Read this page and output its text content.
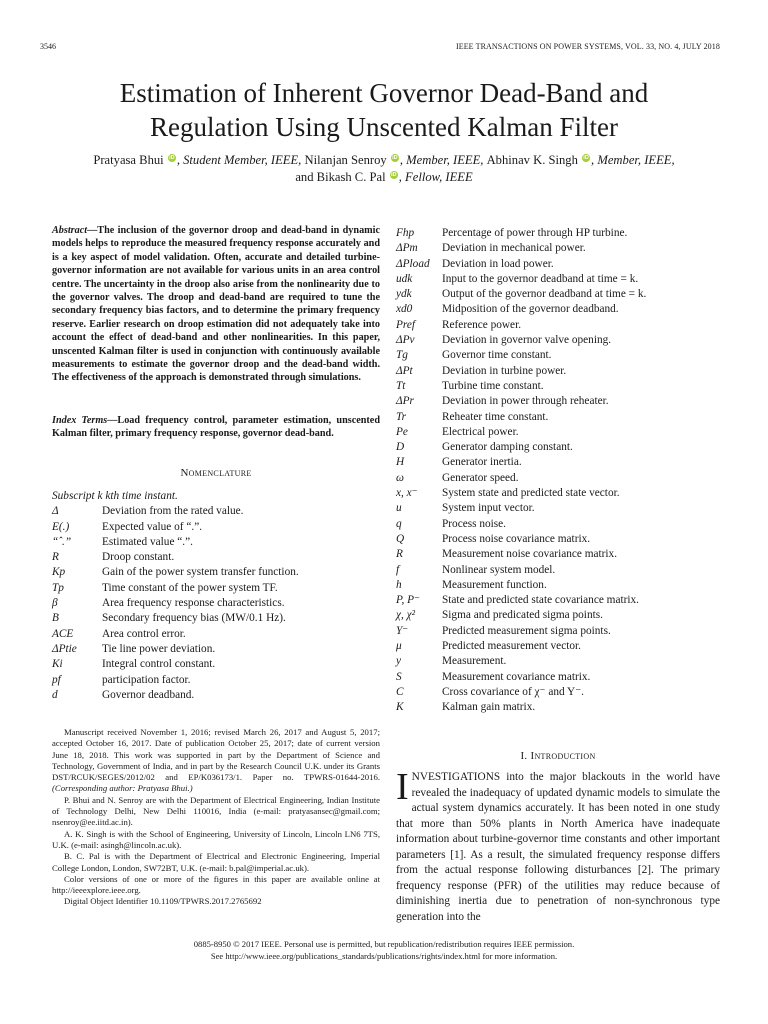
3546	IEEE TRANSACTIONS ON POWER SYSTEMS, VOL. 33, NO. 4, JULY 2018
Estimation of Inherent Governor Dead-Band and
Regulation Using Unscented Kalman Filter
Pratyasa Bhui iD , Student Member, IEEE, Nilanjan Senroy iD , Member, IEEE, Abhinav K. Singh iD , Member, IEEE,
and Bikash C. Pal iD , Fellow, IEEE
Abstract—The inclusion of the governor droop and dead-band in dynamic models helps to reproduce the measured frequency response accurately and is a key aspect of model validation. Often, accurate and detailed turbine-governor information are not available for various units in an area control centre. The uncertainty in the droop also arise from the nonlinearity due to the governor valves. The droop and dead-band are required to tune the secondary frequency bias factors, and to determine the primary frequency reserve. Earlier research on droop estimation did not adequately take into account the effect of dead-band and other nonlinearities. In this paper, unscented Kalman filter is used in conjunction with continuously available measurements to estimate the governor droop and the dead-band width. The effectiveness of the approach is demonstrated through simulations.
Index Terms—Load frequency control, parameter estimation, unscented Kalman filter, primary frequency response, governor dead-band.
Nomenclature
Subscript k kth time instant.
Δ	Deviation from the rated value.
E(.)	Expected value of “.”.
“ˆ.”	Estimated value “.”.
R	Droop constant.
Kp	Gain of the power system transfer function.
Tp	Time constant of the power system TF.
β	Area frequency response characteristics.
B	Secondary frequency bias (MW/0.1 Hz).
ACE	Area control error.
ΔPtie	Tie line power deviation.
Ki	Integral control constant.
pf	participation factor.
d	Governor deadband.
Fhp	Percentage of power through HP turbine.
ΔPm	Deviation in mechanical power.
ΔPload	Deviation in load power.
udk	Input to the governor deadband at time = k.
ydk	Output of the governor deadband at time = k.
xd0	Midposition of the governor deadband.
Pref	Reference power.
ΔPv	Deviation in governor valve opening.
Tg	Governor time constant.
ΔPt	Deviation in turbine power.
Tt	Turbine time constant.
ΔPr	Deviation in power through reheater.
Tr	Reheater time constant.
Pe	Electrical power.
D	Generator damping constant.
H	Generator inertia.
ω	Generator speed.
x, x⁻	System state and predicted state vector.
u	System input vector.
q	Process noise.
Q	Process noise covariance matrix.
R	Measurement noise covariance matrix.
f	Nonlinear system model.
h	Measurement function.
P, P⁻	State and predicted state covariance matrix.
χ, χ²	Sigma and predicated sigma points.
Y⁻	Predicted measurement sigma points.
μ	Predicted measurement vector.
y	Measurement.
S	Measurement covariance matrix.
C	Cross covariance of χ⁻ and Y⁻.
K	Kalman gain matrix.

Manuscript received November 1, 2016; revised March 26, 2017 and August 5, 2017; accepted October 16, 2017. Date of publication October 25, 2017; date of current version June 18, 2018. This work was supported in part by the Department of Science and Technology, Government of India, and in part by the Research Council U.K. under its Grants DST/RCUK/SEGES/2012/02 and EP/K036173/1. Paper no. TPWRS-01644-2016. (Corresponding author: Pratyasa Bhui.)

P. Bhui and N. Senroy are with the Department of Electrical Engineering, Indian Institute of Technology Delhi, New Delhi 110016, India (e-mail: pratyasansec@gmail.com; nsenroy@ee.iitd.ac.in).

A. K. Singh is with the School of Engineering, University of Lincoln, Lincoln LN6 7TS, U.K. (e-mail: asingh@lincoln.ac.uk).

B. C. Pal is with the Department of Electrical and Electronic Engineering, Imperial College London, London, SW72BT, U.K. (e-mail: b.pal@imperial.ac.uk).

Color versions of one or more of the figures in this paper are available online at http://ieeexplore.ieee.org.

Digital Object Identifier 10.1109/TPWRS.2017.2765692

I. Introduction
INVESTIGATIONS into the major blackouts in the world have revealed the inadequacy of updated dynamic models to simulate the actual system dynamics accurately. It has been noted in one study that more than 50% plants in North America have inadequate information about turbine-governor time constants and other important parameters [1]. As a result, the simulated frequency response differs from the actual response following disturbances [2]. The primary frequency response (PFR) of the utilities may reduce because of diminishing inertia due to penetration of non-synchronous type generation into the
0885-8950 © 2017 IEEE. Personal use is permitted, but republication/redistribution requires IEEE permission.
See http://www.ieee.org/publications_standards/publications/rights/index.html for more information.
